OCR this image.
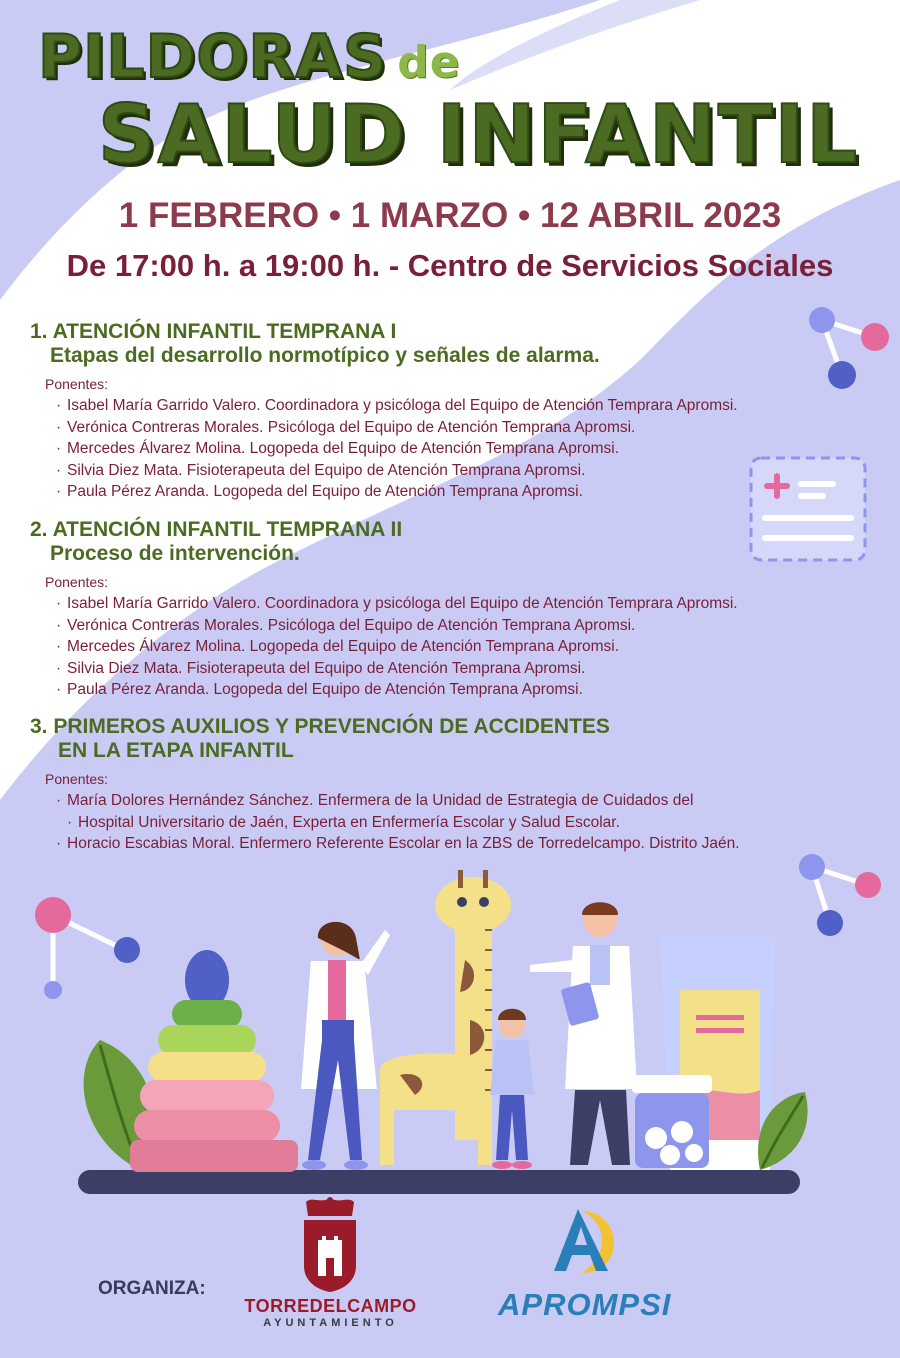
PILDORAS de
SALUD INFANTIL
1 FEBRERO • 1 MARZO • 12 ABRIL 2023
De 17:00 h. a 19:00 h. - Centro de Servicios Sociales
1. ATENCIÓN INFANTIL TEMPRANA I
Etapas del desarrollo normotípico y señales de alarma.
Ponentes:
· Isabel María Garrido Valero. Coordinadora y psicóloga del Equipo de Atención Temprara Apromsi.
· Verónica Contreras Morales. Psicóloga del Equipo de Atención Temprana Apromsi.
· Mercedes Álvarez Molina. Logopeda del Equipo de Atención Temprana Apromsi.
· Silvia Diez Mata. Fisioterapeuta del Equipo de Atención Temprana Apromsi.
· Paula Pérez Aranda. Logopeda del Equipo de Atención Temprana Apromsi.
2. ATENCIÓN INFANTIL TEMPRANA II
Proceso de intervención.
Ponentes:
· Isabel María Garrido Valero. Coordinadora y psicóloga del Equipo de Atención Temprara Apromsi.
· Verónica Contreras Morales. Psicóloga del Equipo de Atención Temprana Apromsi.
· Mercedes Álvarez Molina. Logopeda del Equipo de Atención Temprana Apromsi.
· Silvia Diez Mata. Fisioterapeuta del Equipo de Atención Temprana Apromsi.
· Paula Pérez Aranda. Logopeda del Equipo de Atención Temprana Apromsi.
3. PRIMEROS AUXILIOS Y PREVENCIÓN DE ACCIDENTES
EN LA ETAPA INFANTIL
Ponentes:
· María Dolores Hernández Sánchez. Enfermera de la Unidad de Estrategia de Cuidados del
· Hospital Universitario de Jaén, Experta en Enfermería Escolar y Salud Escolar.
· Horacio Escabias Moral. Enfermero Referente Escolar en la ZBS de Torredelcampo. Distrito Jaén.
ORGANIZA:
TORREDELCAMPO
AYUNTAMIENTO
APROMPSI
